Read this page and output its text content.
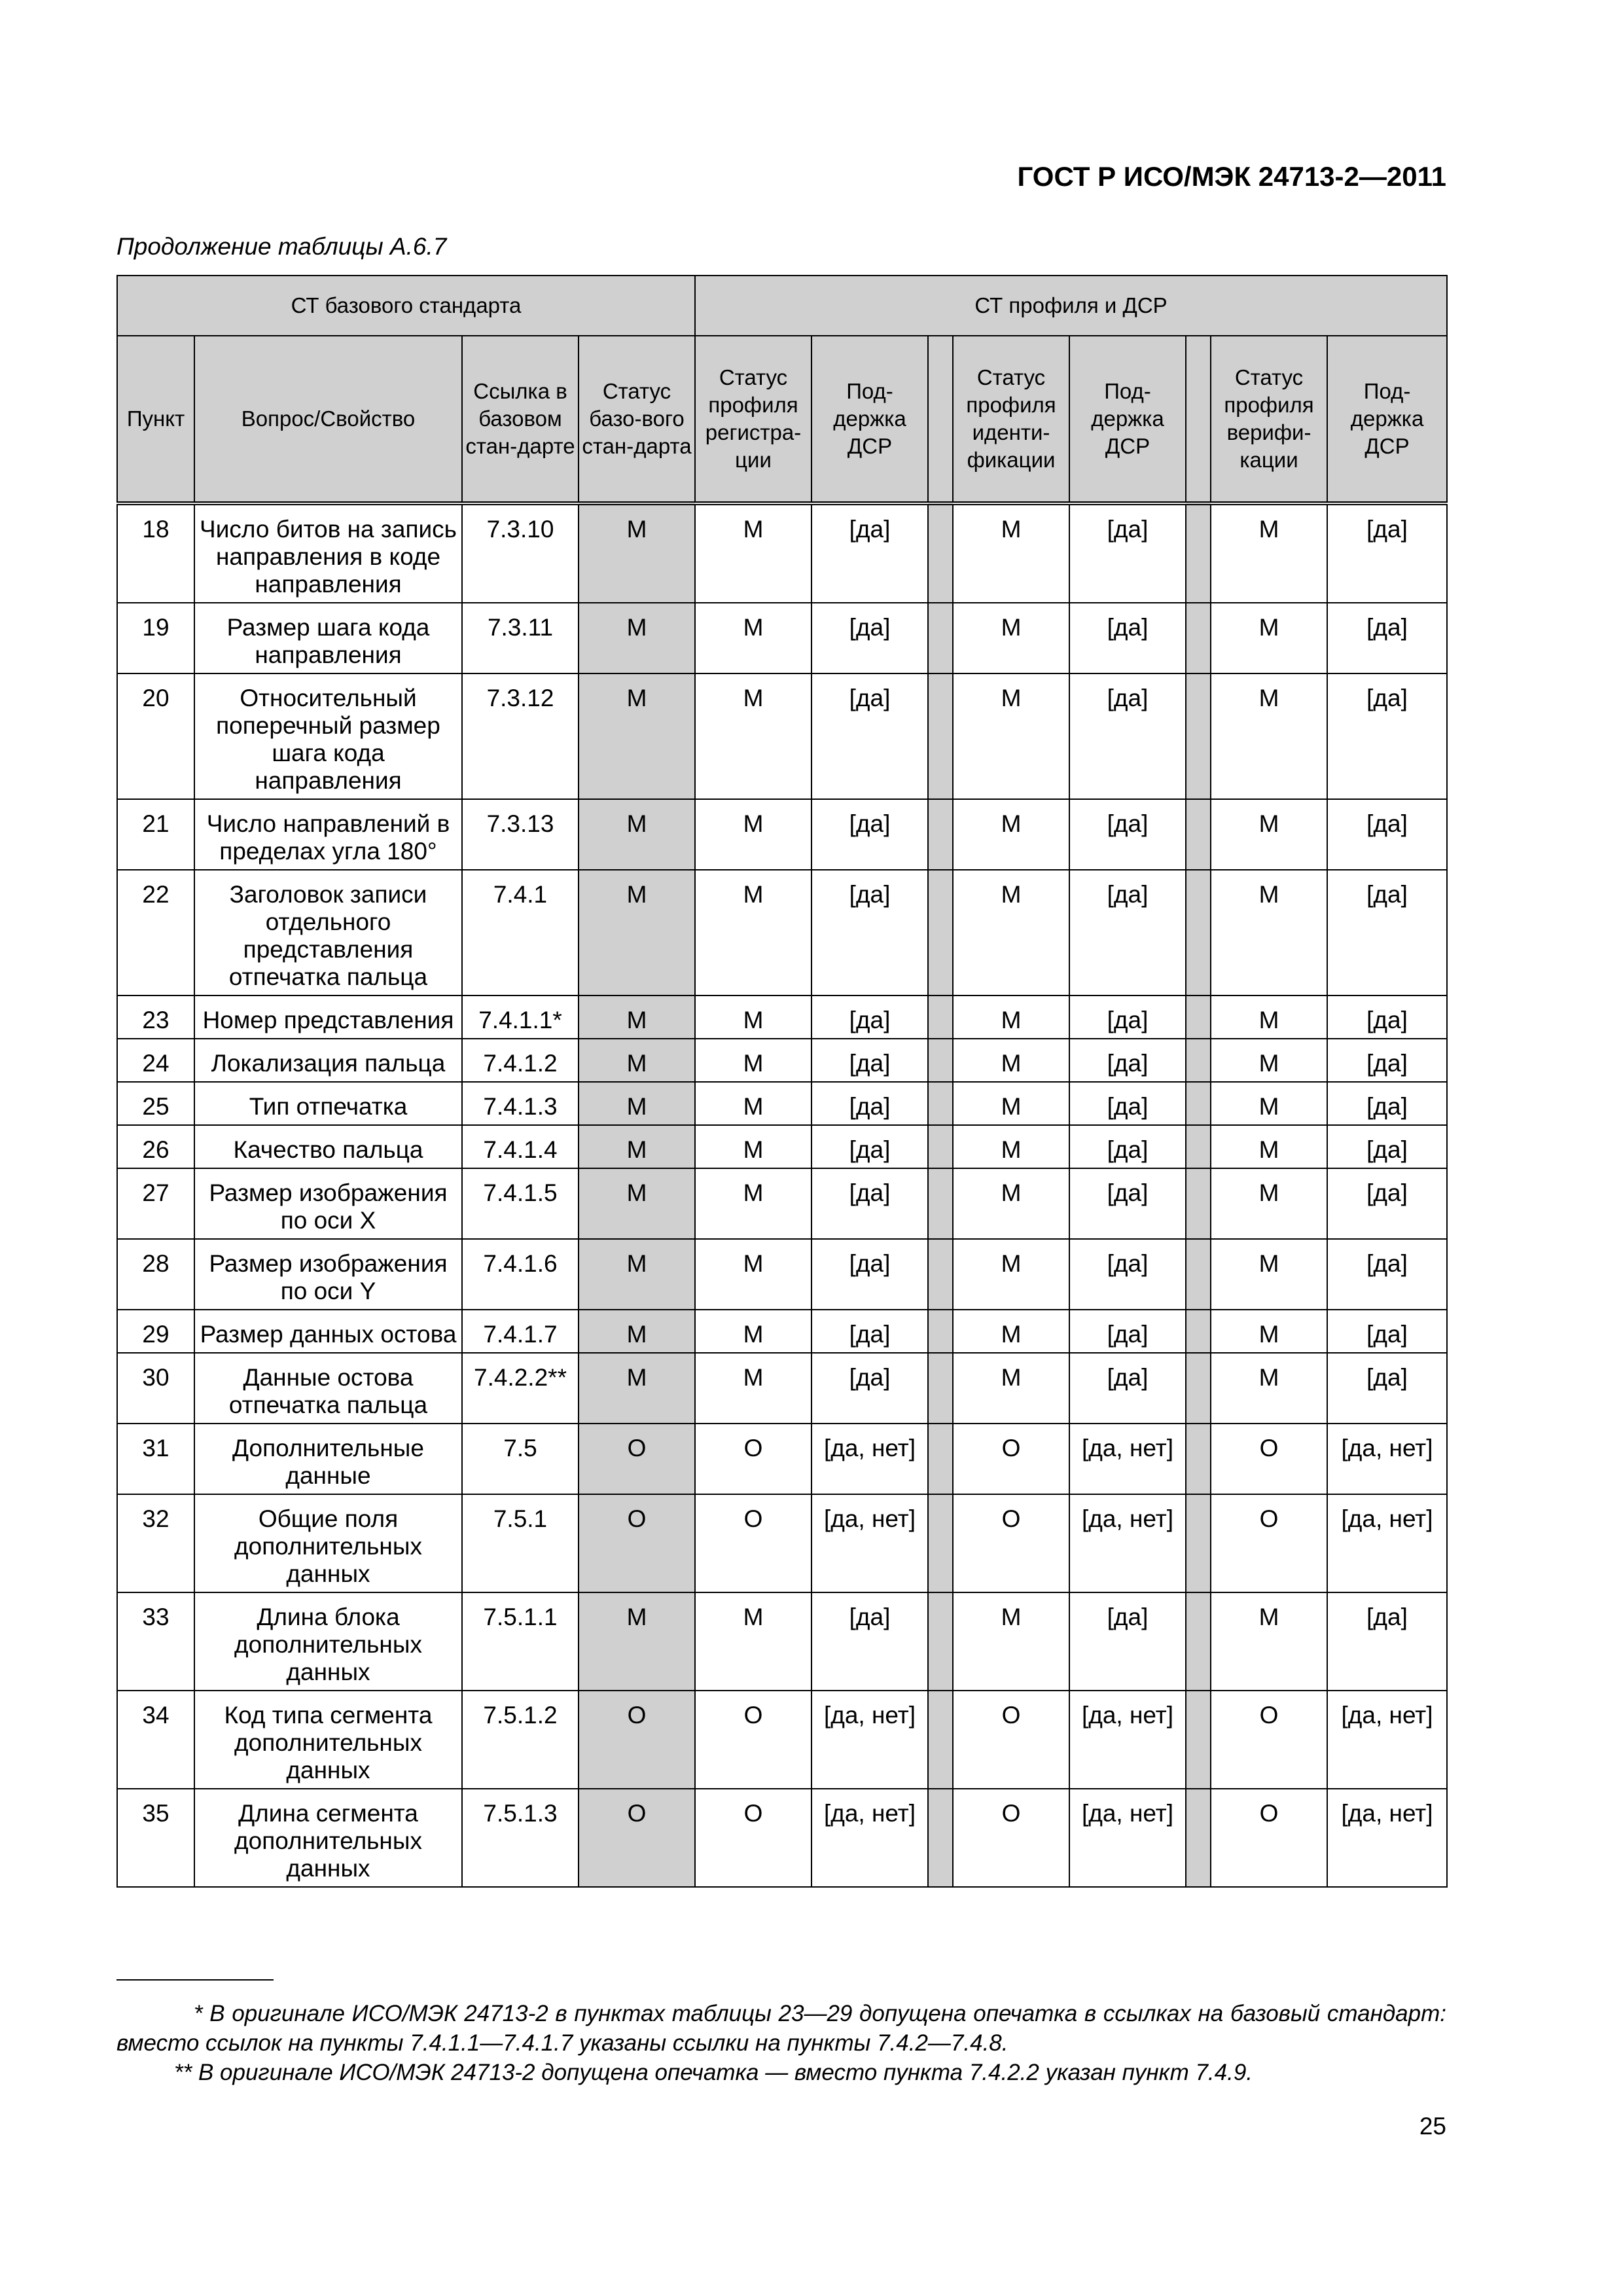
ГОСТ Р ИСО/МЭК 24713-2—2011
Продолжение таблицы А.6.7
СТ базового стандарта				СТ профиля и ДСР							
Пункт	Вопрос/Свойство	Ссылка в базовом стан-дарте	Статус базо-вого стан-дарта	Статус профиля регистра-ции	Под-держка ДСР		Статус профиля иденти-фикации	Под-держка ДСР		Статус профиля верифи-кации	Под-держка ДСР
18	Число битов на запись направления в коде направления	7.3.10	M	M	[да]		M	[да]		M	[да]
19	Размер шага кода направления	7.3.11	M	M	[да]		M	[да]		M	[да]
20	Относительный поперечный размер шага кода направления	7.3.12	M	M	[да]		M	[да]		M	[да]
21	Число направлений в пределах угла 180°	7.3.13	M	M	[да]		M	[да]		M	[да]
22	Заголовок записи отдельного представления отпечатка пальца	7.4.1	M	M	[да]		M	[да]		M	[да]
23	Номер представления	7.4.1.1*	M	M	[да]		M	[да]		M	[да]
24	Локализация пальца	7.4.1.2	M	M	[да]		M	[да]		M	[да]
25	Тип отпечатка	7.4.1.3	M	M	[да]		M	[да]		M	[да]
26	Качество пальца	7.4.1.4	M	M	[да]		M	[да]		M	[да]
27	Размер изображения по оси X	7.4.1.5	M	M	[да]		M	[да]		M	[да]
28	Размер изображения по оси Y	7.4.1.6	M	M	[да]		M	[да]		M	[да]
29	Размер данных остова	7.4.1.7	M	M	[да]		M	[да]		M	[да]
30	Данные остова отпечатка пальца	7.4.2.2**	M	M	[да]		M	[да]		M	[да]
31	Дополнительные данные	7.5	O	O	[да, нет]		O	[да, нет]		O	[да, нет]
32	Общие поля дополнительных данных	7.5.1	O	O	[да, нет]		O	[да, нет]		O	[да, нет]
33	Длина блока дополнительных данных	7.5.1.1	M	M	[да]		M	[да]		M	[да]
34	Код типа сегмента дополнительных данных	7.5.1.2	O	O	[да, нет]		O	[да, нет]		O	[да, нет]
35	Длина сегмента дополнительных данных	7.5.1.3	O	O	[да, нет]		O	[да, нет]		O	[да, нет]
* В оригинале ИСО/МЭК 24713-2 в пунктах таблицы 23—29 допущена опечатка в ссылках на базовый стандарт: вместо ссылок на пункты 7.4.1.1—7.4.1.7 указаны ссылки на пункты 7.4.2—7.4.8.
** В оригинале ИСО/МЭК 24713-2 допущена опечатка — вместо пункта 7.4.2.2 указан пункт 7.4.9.
25
